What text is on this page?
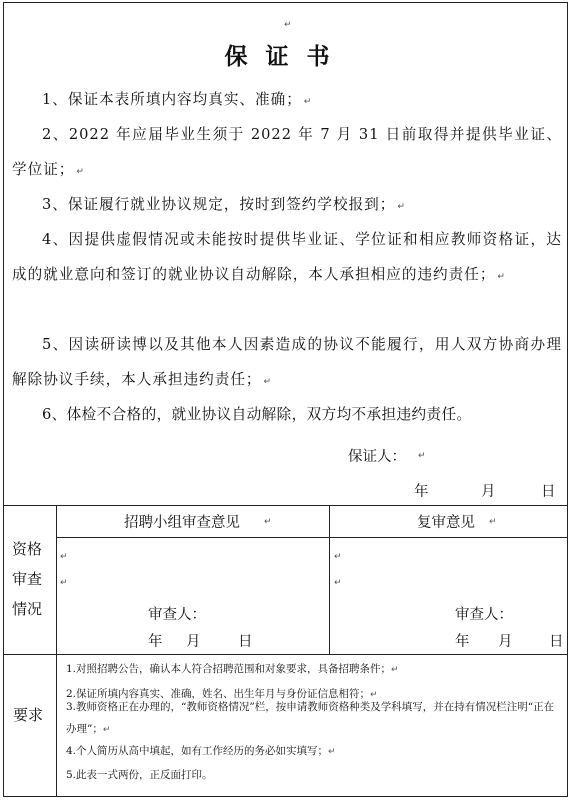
↵
保证书
1、保证本表所填内容均真实、准确； ↵
2、2022 年应届毕业生须于 2022 年 7 月 31 日前取得并提供毕业证、学位证； ↵
3、保证履行就业协议规定，按时到签约学校报到； ↵
4、因提供虚假情况或未能按时提供毕业证、学位证和相应教师资格证，达成的就业意向和签订的就业协议自动解除，本人承担相应的违约责任； ↵
5、因读研读博以及其他本人因素造成的协议不能履行，用人双方协商办理解除协议手续，本人承担违约责任； ↵
6、体检不合格的，就业协议自动解除，双方均不承担违约责任。
保证人： ↵
年	月	日
资格审查情况
招聘小组审查意见	↵	复审意见 ↵
↵
↵
↵
↵
审查人：	审查人：
年 月	日	年 月	日
要求
1.对照招聘公告，确认本人符合招聘范围和对象要求，具备招聘条件；↵
2.保证所填内容真实、准确，姓名、出生年月与身份证信息相符；↵
3.教师资格正在办理的，“教师资格情况”栏，按申请教师资格种类及学科填写，并在持有情况栏注明“正在办理”；↵
4.个人简历从高中填起，如有工作经历的务必如实填写；↵
5.此表一式两份，正反面打印。
